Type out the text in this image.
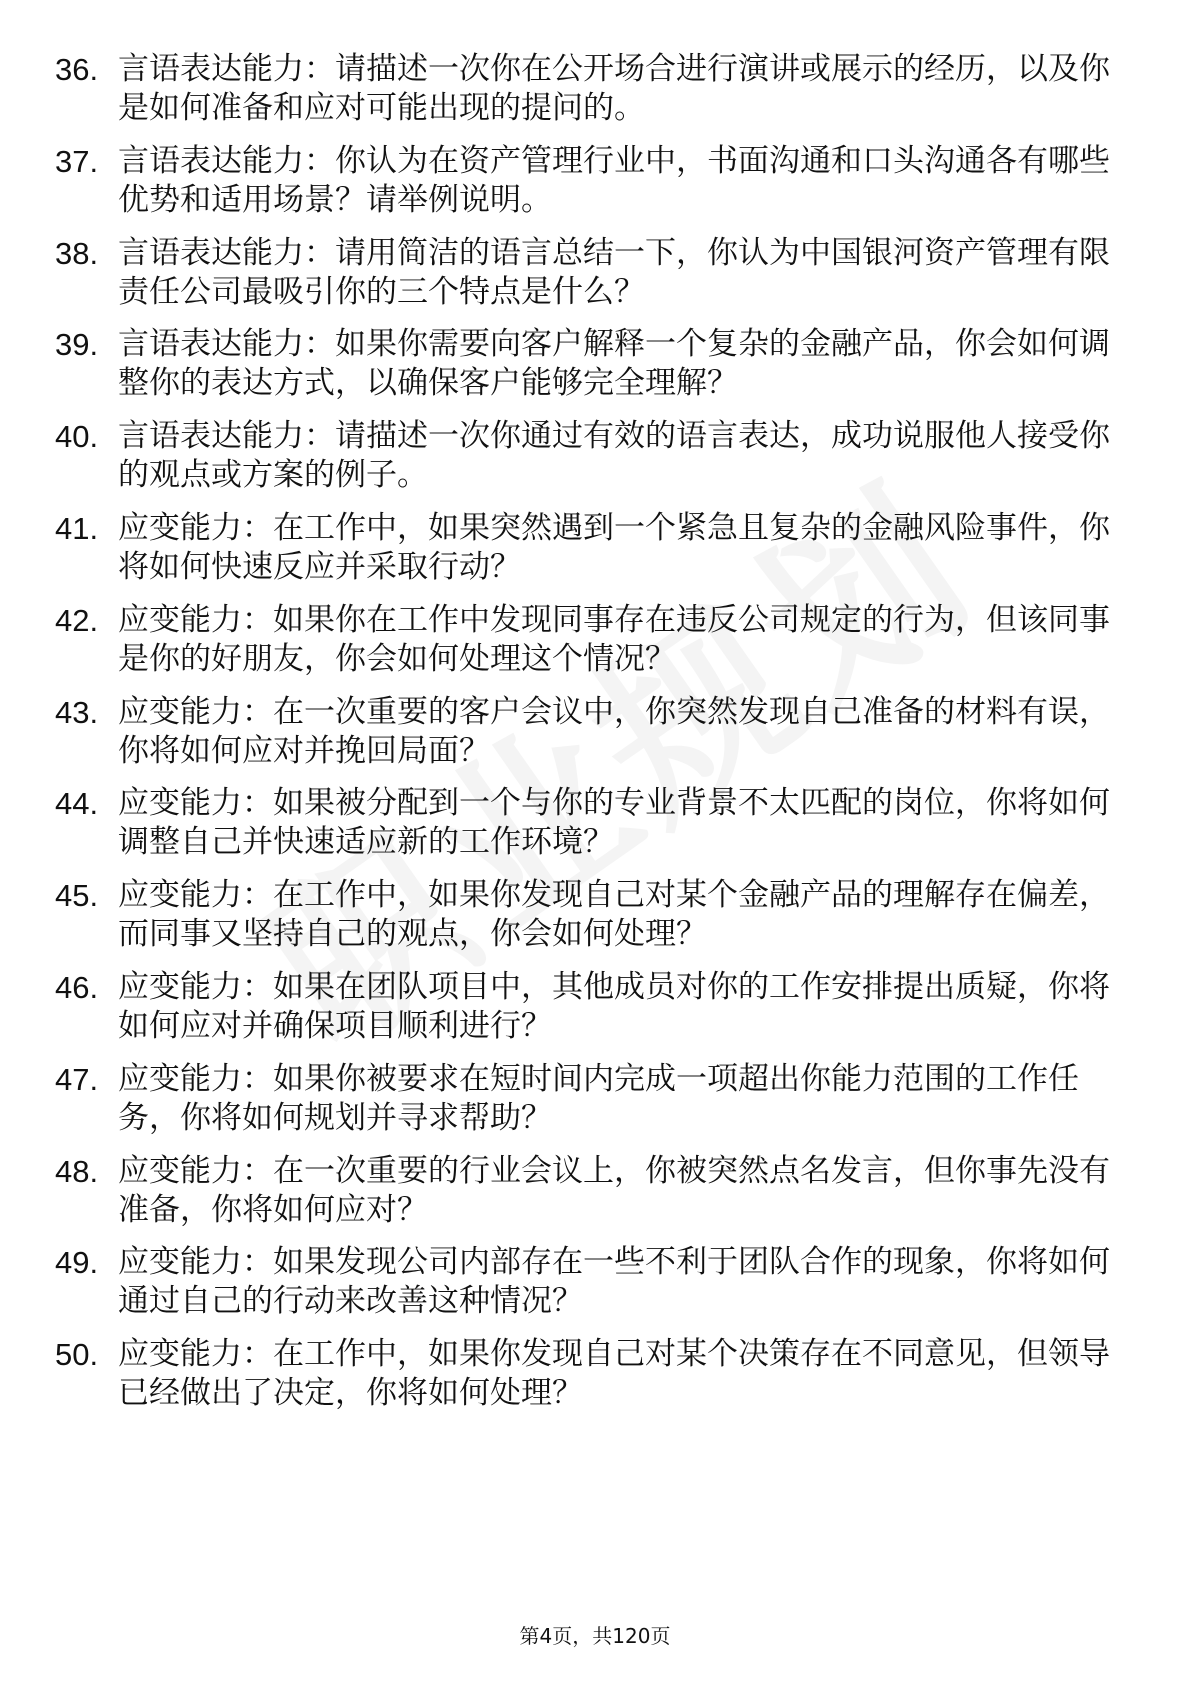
36. 言语表达能力：请描述一次你在公开场合进行演讲或展示的经历，以及你是如何准备和应对可能出现的提问的。
37. 言语表达能力：你认为在资产管理行业中，书面沟通和口头沟通各有哪些优势和适用场景？请举例说明。
38. 言语表达能力：请用简洁的语言总结一下，你认为中国银河资产管理有限责任公司最吸引你的三个特点是什么？
39. 言语表达能力：如果你需要向客户解释一个复杂的金融产品，你会如何调整你的表达方式，以确保客户能够完全理解？
40. 言语表达能力：请描述一次你通过有效的语言表达，成功说服他人接受你的观点或方案的例子。
41. 应变能力：在工作中，如果突然遇到一个紧急且复杂的金融风险事件，你将如何快速反应并采取行动？
42. 应变能力：如果你在工作中发现同事存在违反公司规定的行为，但该同事是你的好朋友，你会如何处理这个情况？
43. 应变能力：在一次重要的客户会议中，你突然发现自己准备的材料有误，你将如何应对并挽回局面？
44. 应变能力：如果被分配到一个与你的专业背景不太匹配的岗位，你将如何调整自己并快速适应新的工作环境？
45. 应变能力：在工作中，如果你发现自己对某个金融产品的理解存在偏差，而同事又坚持自己的观点，你会如何处理？
46. 应变能力：如果在团队项目中，其他成员对你的工作安排提出质疑，你将如何应对并确保项目顺利进行？
47. 应变能力：如果你被要求在短时间内完成一项超出你能力范围的工作任务，你将如何规划并寻求帮助？
48. 应变能力：在一次重要的行业会议上，你被突然点名发言，但你事先没有准备，你将如何应对？
49. 应变能力：如果发现公司内部存在一些不利于团队合作的现象，你将如何通过自己的行动来改善这种情况？
50. 应变能力：在工作中，如果你发现自己对某个决策存在不同意见，但领导已经做出了决定，你将如何处理？
第4页，共120页
